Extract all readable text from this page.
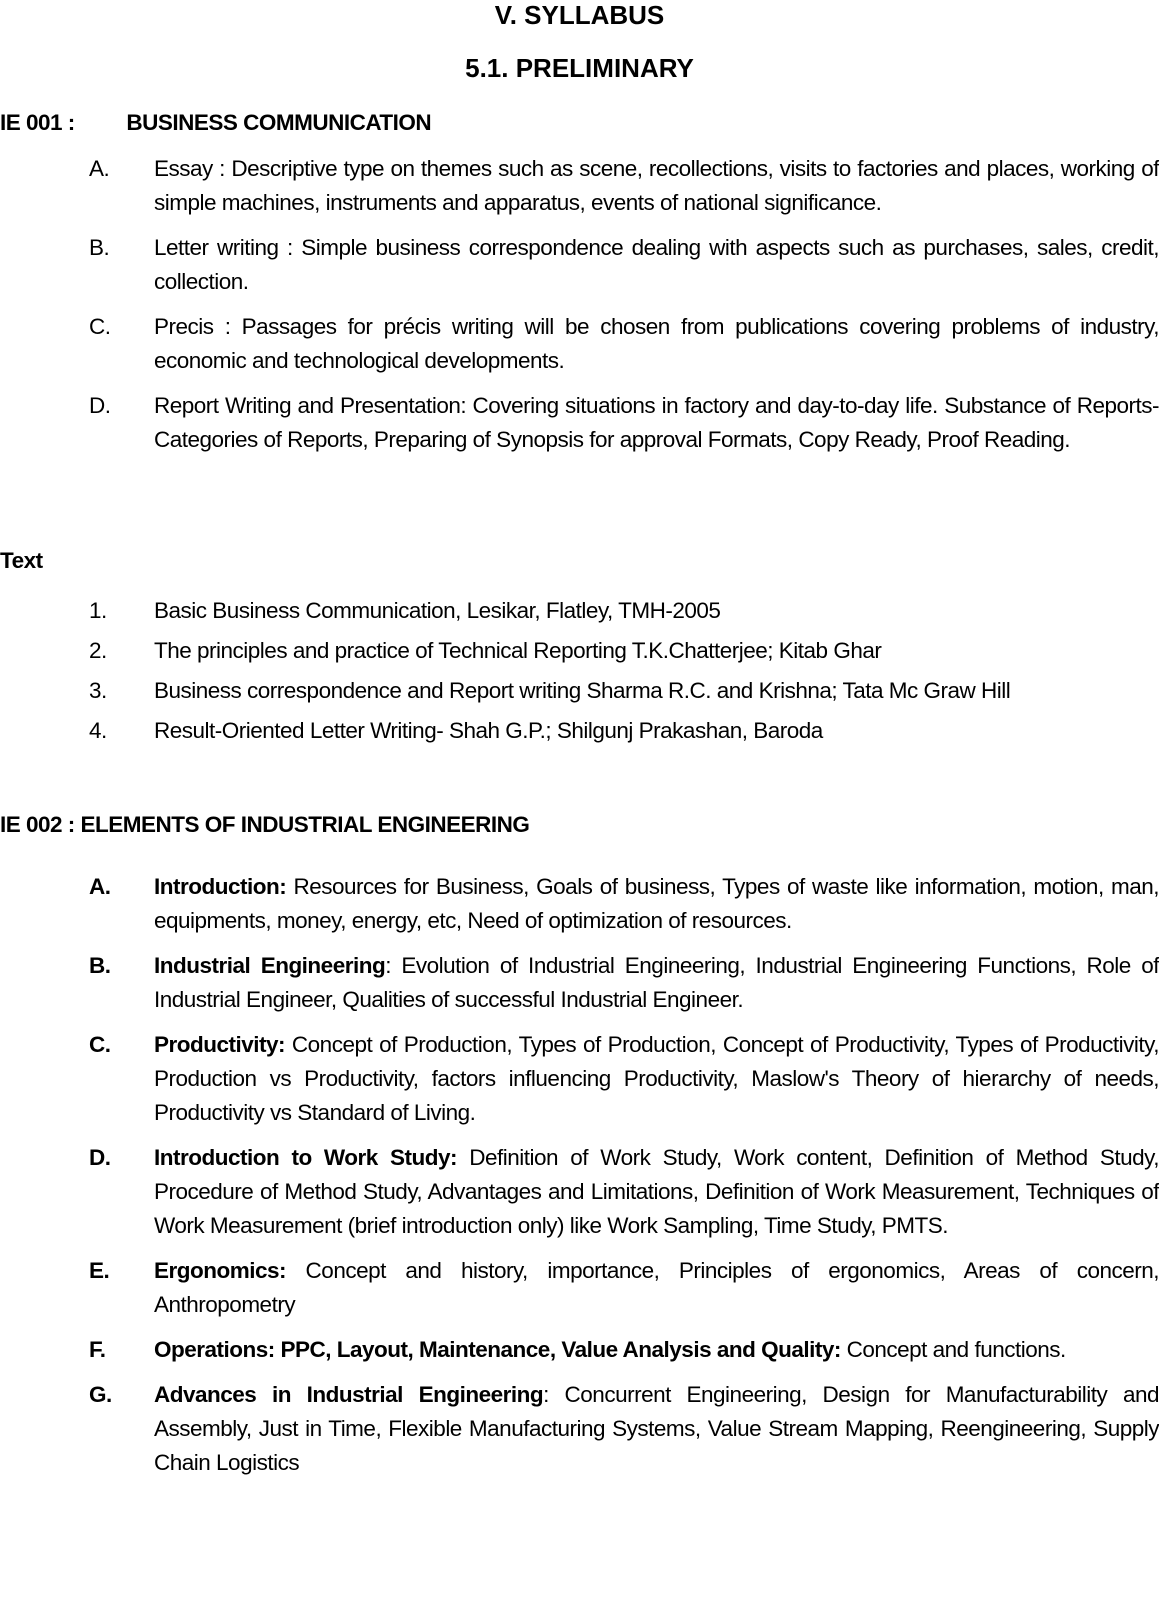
V. SYLLABUS
5.1. PRELIMINARY
IE 001 : BUSINESS COMMUNICATION
A. Essay : Descriptive type on themes such as scene, recollections, visits to factories and places, working of simple machines, instruments and apparatus, events of national significance.
B. Letter writing : Simple business correspondence dealing with aspects such as purchases, sales, credit, collection.
C. Precis : Passages for précis writing will be chosen from publications covering problems of industry, economic and technological developments.
D. Report Writing and Presentation: Covering situations in factory and day-to-day life. Substance of Reports-Categories of Reports, Preparing of Synopsis for approval Formats, Copy Ready, Proof Reading.
Text
1. Basic Business Communication, Lesikar, Flatley, TMH-2005
2. The principles and practice of Technical Reporting T.K.Chatterjee; Kitab Ghar
3. Business correspondence and Report writing Sharma R.C. and Krishna; Tata Mc Graw Hill
4. Result-Oriented Letter Writing- Shah G.P.; Shilgunj Prakashan, Baroda
IE 002 : ELEMENTS OF INDUSTRIAL ENGINEERING
A. Introduction: Resources for Business, Goals of business, Types of waste like information, motion, man, equipments, money, energy, etc, Need of optimization of resources.
B. Industrial Engineering: Evolution of Industrial Engineering, Industrial Engineering Functions, Role of Industrial Engineer, Qualities of successful Industrial Engineer.
C. Productivity: Concept of Production, Types of Production, Concept of Productivity, Types of Productivity, Production vs Productivity, factors influencing Productivity, Maslow's Theory of hierarchy of needs, Productivity vs Standard of Living.
D. Introduction to Work Study: Definition of Work Study, Work content, Definition of Method Study, Procedure of Method Study, Advantages and Limitations, Definition of Work Measurement, Techniques of Work Measurement (brief introduction only) like Work Sampling, Time Study, PMTS.
E. Ergonomics: Concept and history, importance, Principles of ergonomics, Areas of concern, Anthropometry
F. Operations: PPC, Layout, Maintenance, Value Analysis and Quality: Concept and functions.
G. Advances in Industrial Engineering: Concurrent Engineering, Design for Manufacturability and Assembly, Just in Time, Flexible Manufacturing Systems, Value Stream Mapping, Reengineering, Supply Chain Logistics
